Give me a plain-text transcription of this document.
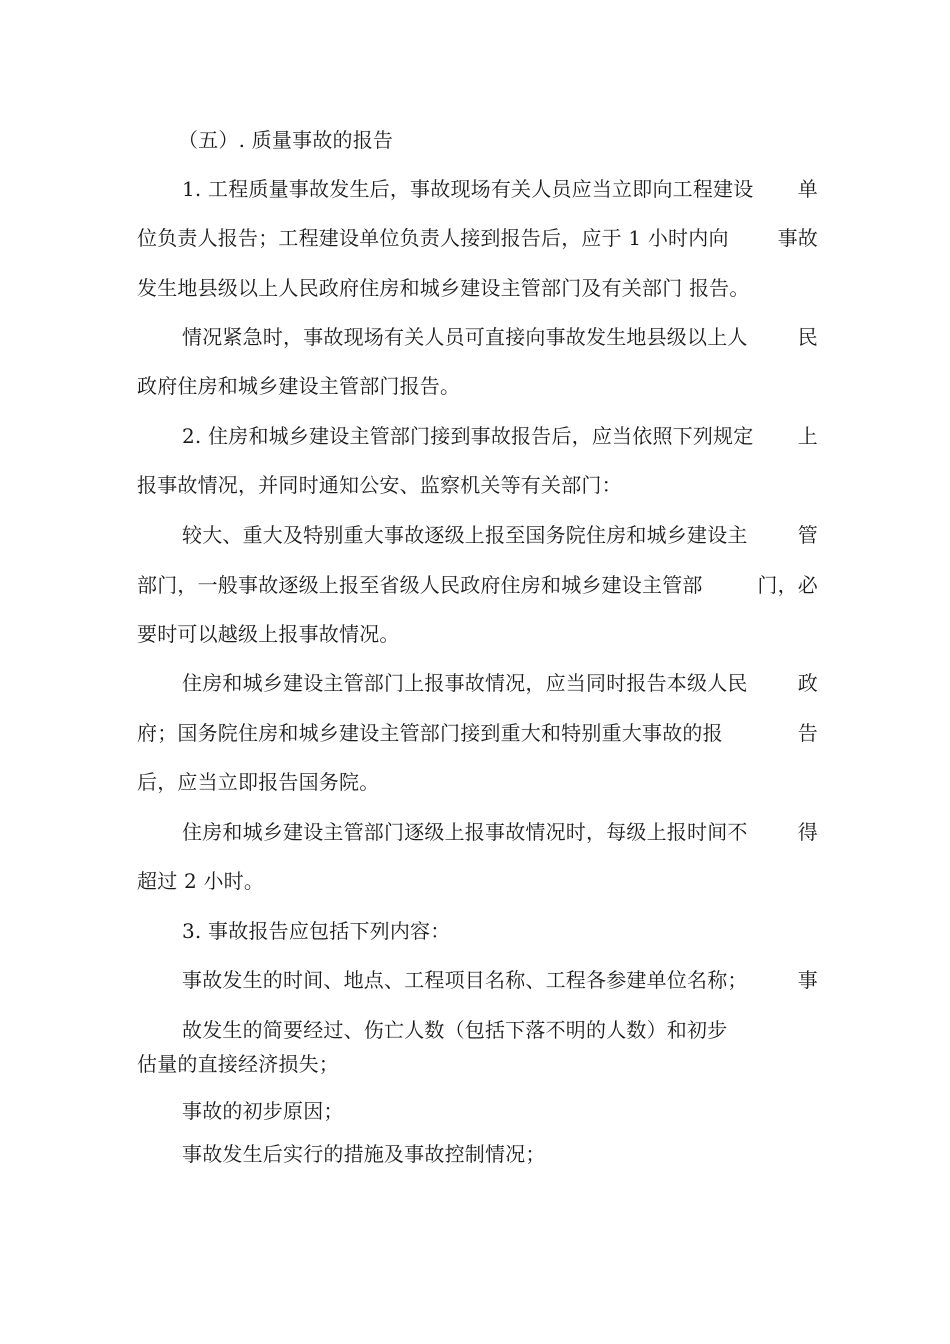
（五）. 质量事故的报告
1. 工程质量事故发生后，事故现场有关人员应当立即向工程建设 单
位负责人报告；工程建设单位负责人接到报告后，应于 1 小时内向 事故
发生地县级以上人民政府住房和城乡建设主管部门及有关部门 报告。
情况紧急时，事故现场有关人员可直接向事故发生地县级以上人	民
政府住房和城乡建设主管部门报告。
2. 住房和城乡建设主管部门接到事故报告后，应当依照下列规定 上
报事故情况，并同时通知公安、监察机关等有关部门：
较大、重大及特别重大事故逐级上报至国务院住房和城乡建设主	管
部门，一般事故逐级上报至省级人民政府住房和城乡建设主管部	门，必
要时可以越级上报事故情况。
住房和城乡建设主管部门上报事故情况，应当同时报告本级人民	政
府；国务院住房和城乡建设主管部门接到重大和特别重大事故的报	告
后，应当立即报告国务院。
住房和城乡建设主管部门逐级上报事故情况时，每级上报时间不	得
超过 2 小时。
3. 事故报告应包括下列内容：
事故发生的时间、地点、工程项目名称、工程各参建单位名称；	事
故发生的简要经过、伤亡人数（包括下落不明的人数）和初步
估量的直接经济损失；
事故的初步原因；
事故发生后实行的措施及事故控制情况；
